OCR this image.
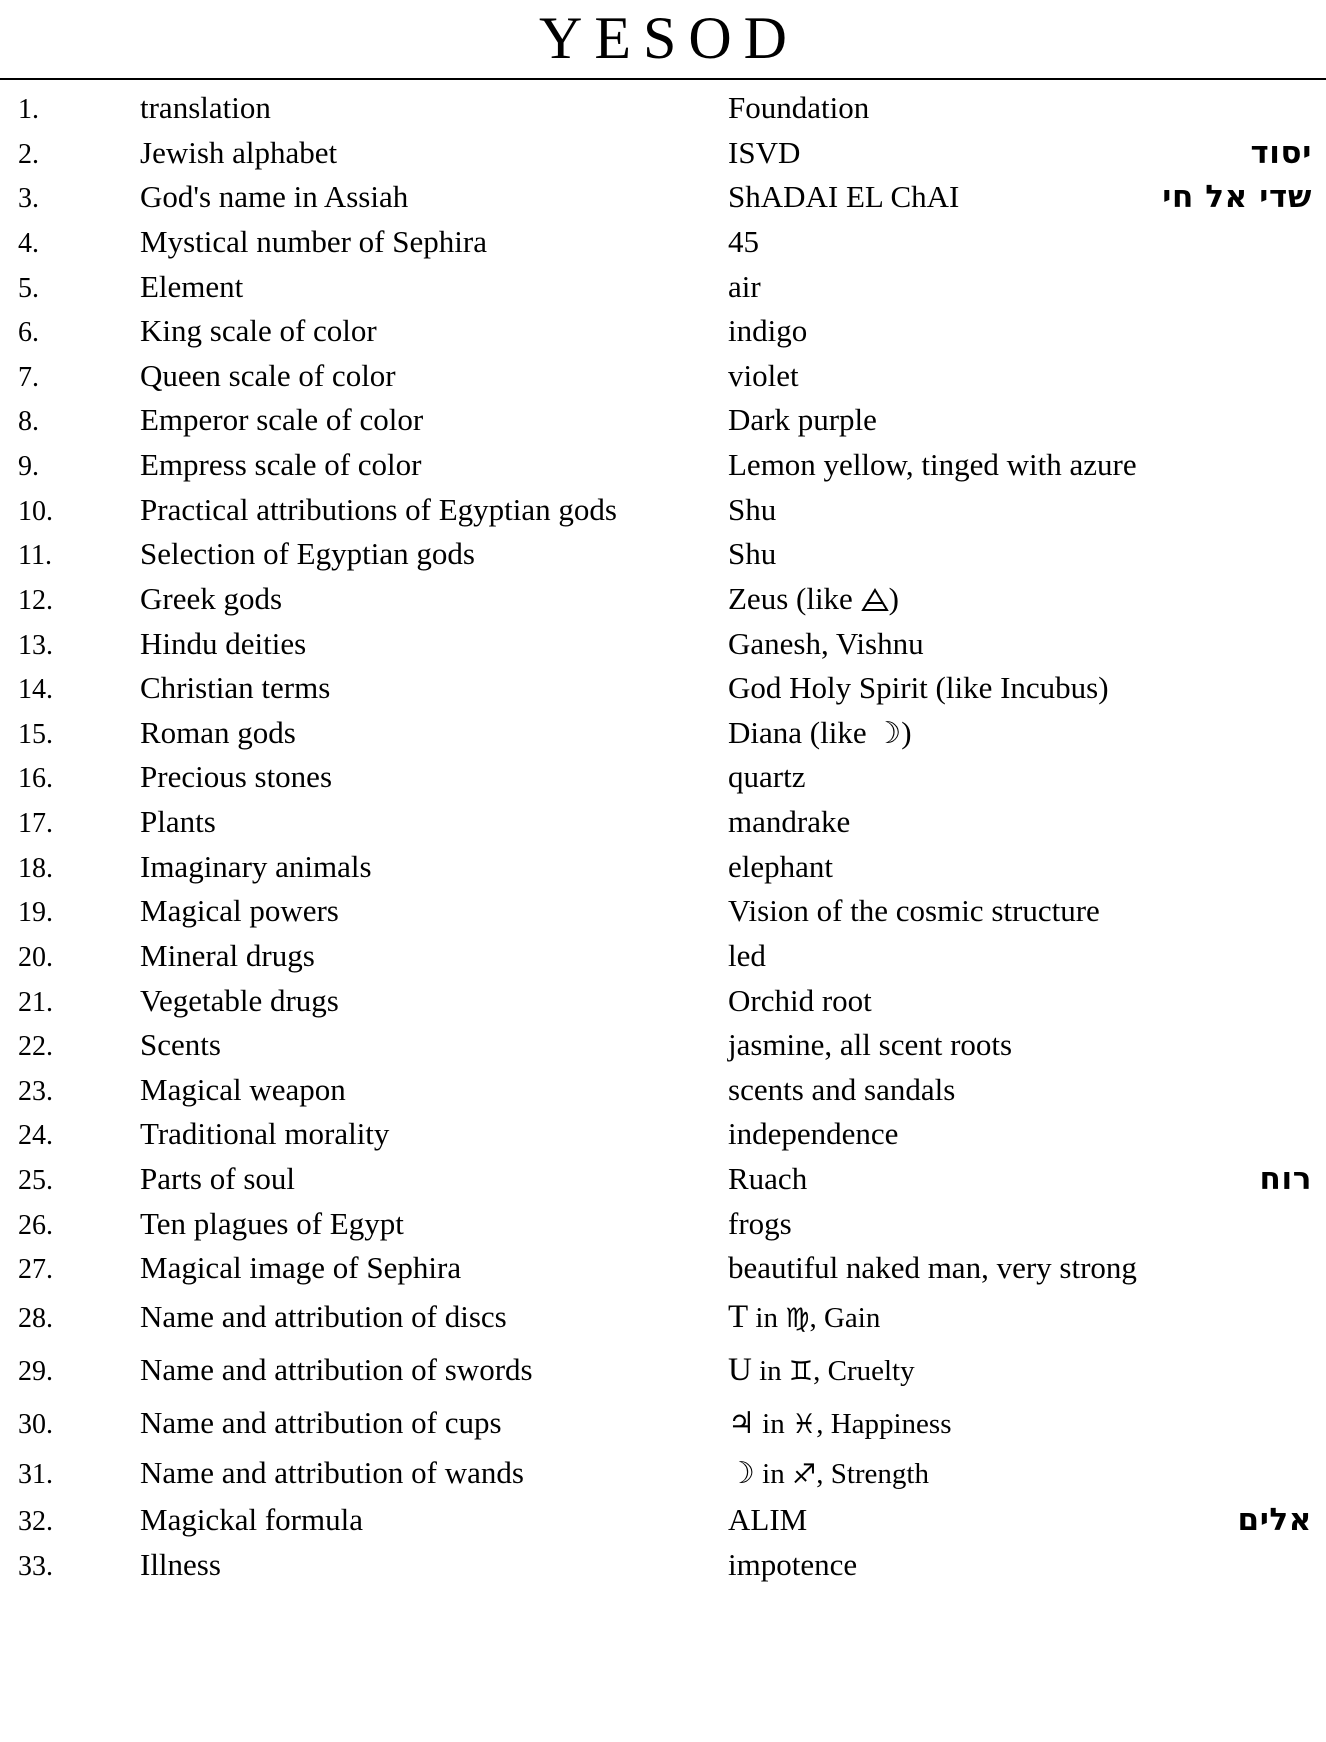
YESOD
1.	translation	Foundation	
2.	Jewish alphabet	ISVD	יסוד
3.	God's name in Assiah	ShADAI EL ChAI	שדי אל חי
4.	Mystical number of Sephira	45	
5.	Element	air	
6.	King scale of color	indigo	
7.	Queen scale of color	violet	
8.	Emperor scale of color	Dark purple	
9.	Empress scale of color	Lemon yellow, tinged with azure	
10.	Practical attributions of Egyptian gods	Shu	
11.	Selection of Egyptian gods	Shu	
12.	Greek gods	Zeus (like )	
13.	Hindu deities	Ganesh, Vishnu	
14.	Christian terms	God Holy Spirit (like Incubus)	
15.	Roman gods	Diana (like ☽)	
16.	Precious stones	quartz	
17.	Plants	mandrake	
18.	Imaginary animals	elephant	
19.	Magical powers	Vision of the cosmic structure	
20.	Mineral drugs	led	
21.	Vegetable drugs	Orchid root	
22.	Scents	jasmine, all scent roots	
23.	Magical weapon	scents and sandals	
24.	Traditional morality	independence	
25.	Parts of soul	Ruach	רוח
26.	Ten plagues of Egypt	frogs	
27.	Magical image of Sephira	beautiful naked man, very strong	
28.	Name and attribution of discs	T in ♍, Gain	
29.	Name and attribution of swords	U in ♊, Cruelty	
30.	Name and attribution of cups	♃ in ♓, Happiness	
31.	Name and attribution of wands	☽ in ♐, Strength	
32.	Magickal formula	ALIM	אלים
33.	Illness	impotence	
